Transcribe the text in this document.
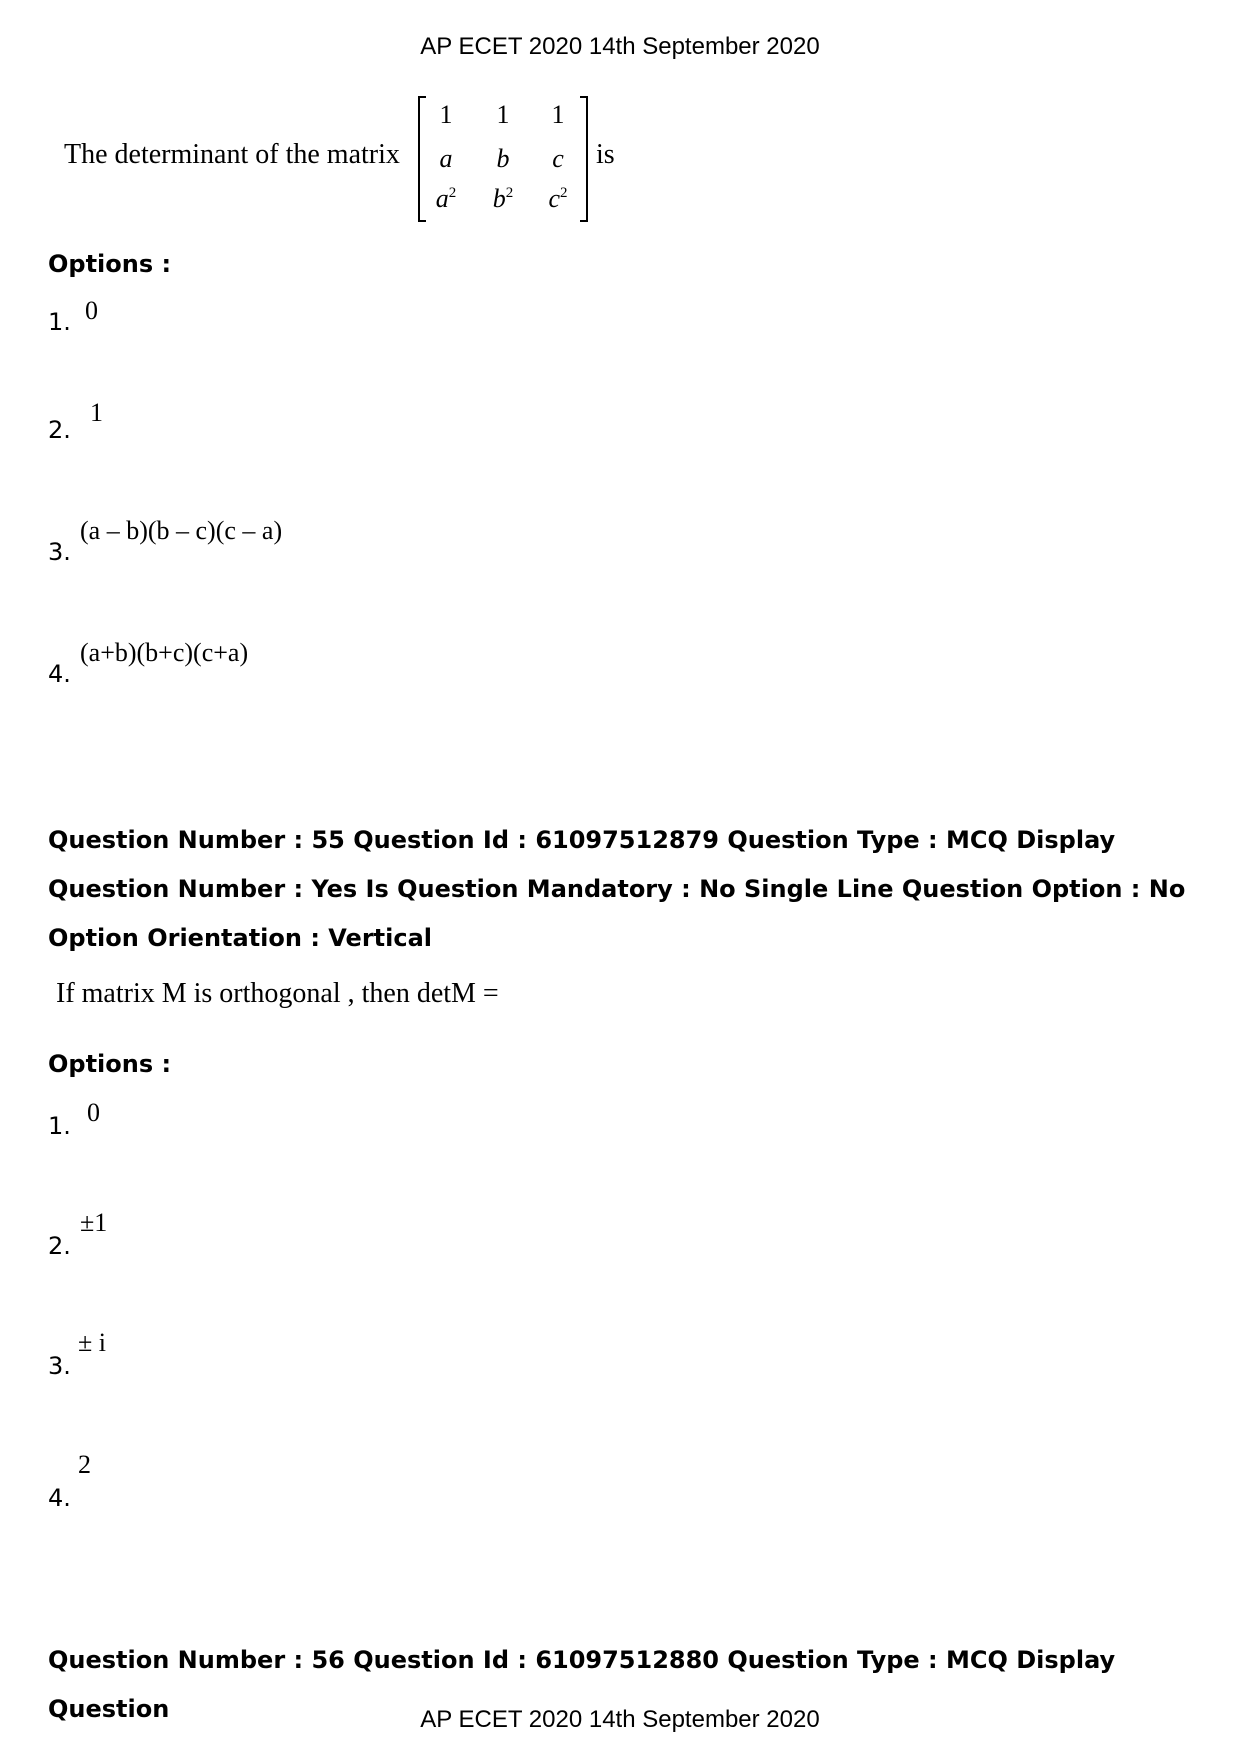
AP ECET 2020 14th September 2020
The determinant of the matrix
1	1	1
a	b	c
$a^2$	$b^2$	$c^2$
is
Options :
1. 0
2.
1
3.
(a – b)(b – c)(c – a)
4.
(a+b)(b+c)(c+a)
Question Number : 55 Question Id : 61097512879 Question Type : MCQ Display Question Number : Yes Is Question Mandatory : No Single Line Question Option : No Option Orientation : Vertical
If matrix M is orthogonal , then detM =
Options :
1. 0
2.
±1
3.
± i
4.
2
Question Number : 56 Question Id : 61097512880 Question Type : MCQ Display Question	AP ECET 2020 14th September 2020
